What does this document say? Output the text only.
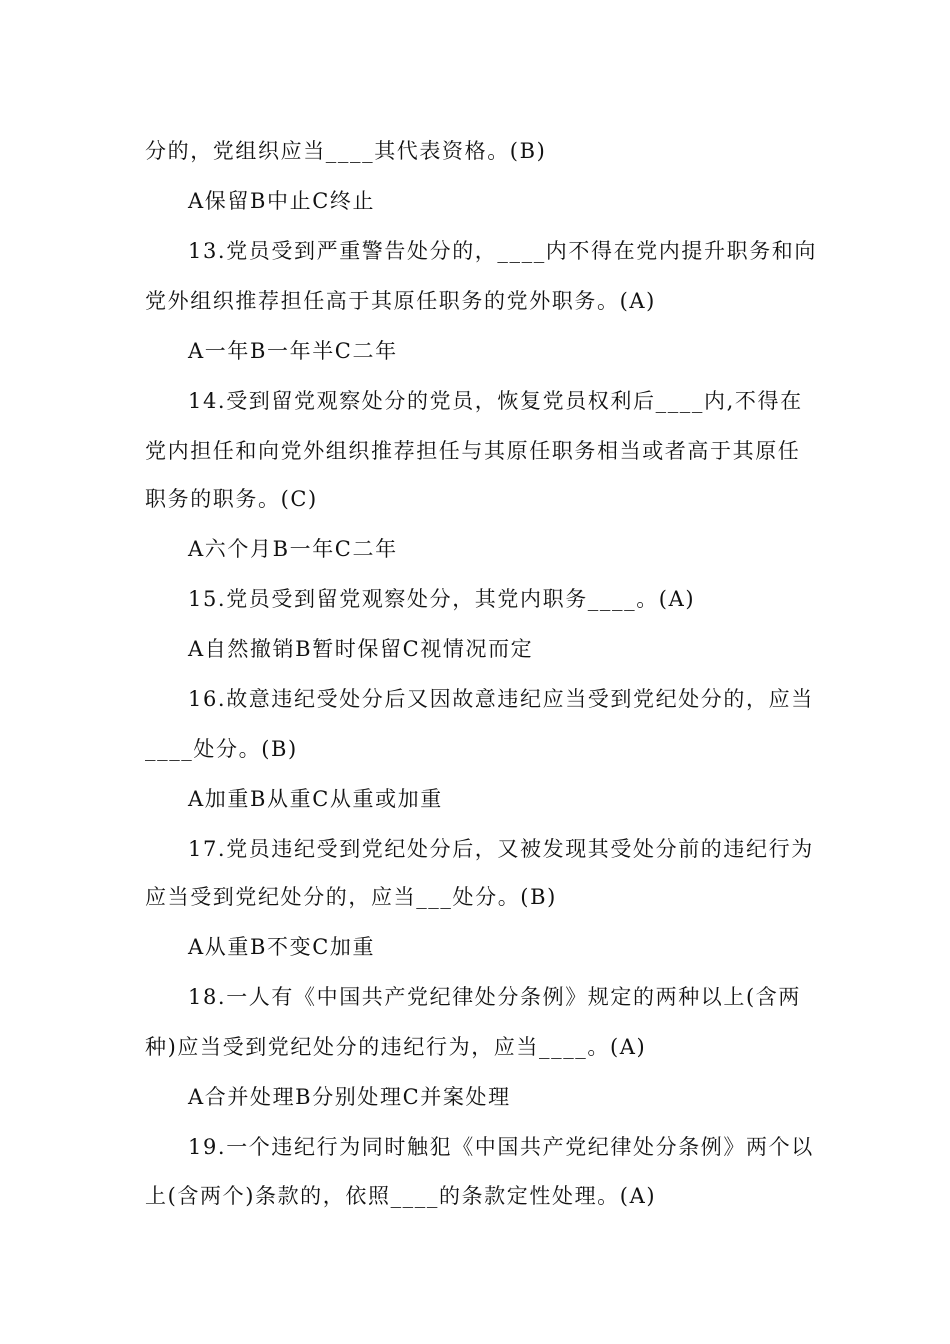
分的，党组织应当____其代表资格。(B)
A保留B中止C终止
13.党员受到严重警告处分的，____内不得在党内提升职务和向
党外组织推荐担任高于其原任职务的党外职务。(A)
A一年B一年半C二年
14.受到留党观察处分的党员，恢复党员权利后____内,不得在
党内担任和向党外组织推荐担任与其原任职务相当或者高于其原任
职务的职务。(C)
A六个月B一年C二年
15.党员受到留党观察处分，其党内职务____。(A)
A自然撤销B暂时保留C视情况而定
16.故意违纪受处分后又因故意违纪应当受到党纪处分的，应当
____处分。(B)
A加重B从重C从重或加重
17.党员违纪受到党纪处分后，又被发现其受处分前的违纪行为
应当受到党纪处分的，应当___处分。(B)
A从重B不变C加重
18.一人有《中国共产党纪律处分条例》规定的两种以上(含两
种)应当受到党纪处分的违纪行为，应当____。(A)
A合并处理B分别处理C并案处理
19.一个违纪行为同时触犯《中国共产党纪律处分条例》两个以
上(含两个)条款的，依照____的条款定性处理。(A)
